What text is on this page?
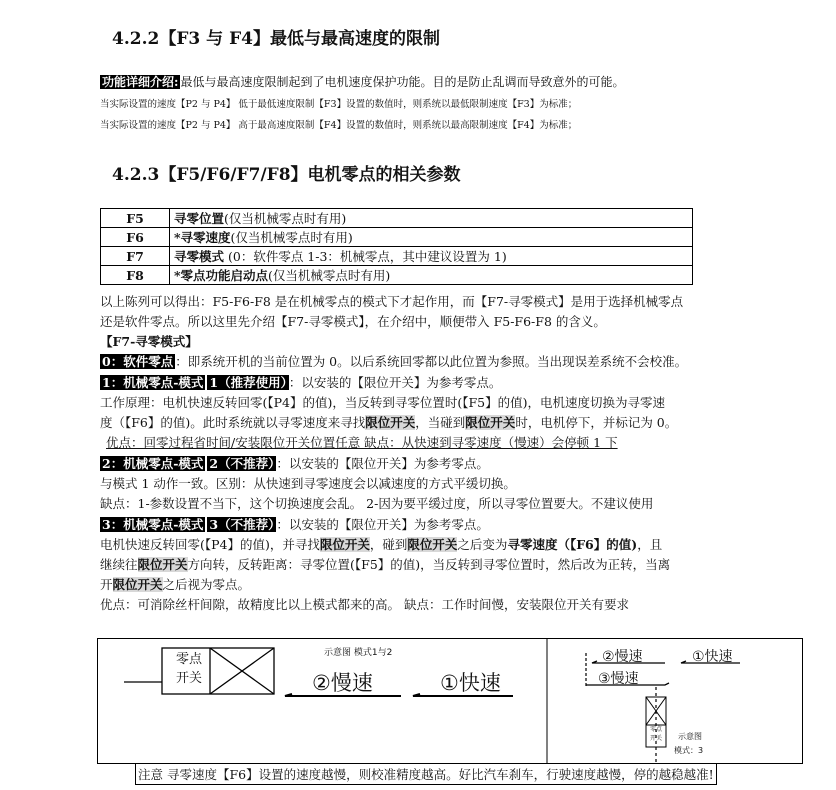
4.2.2【F3 与 F4】最低与最高速度的限制
功能详细介绍: 最低与最高速度限制起到了电机速度保护功能。目的是防止乱调而导致意外的可能。
当实际设置的速度【P2 与 P4】 低于最低速度限制【F3】设置的数值时，则系统以最低限制速度【F3】为标准；
当实际设置的速度【P2 与 P4】 高于最高速度限制【F4】设置的数值时，则系统以最高限制速度【F4】为标准；
4.2.3【F5/F6/F7/F8】电机零点的相关参数
F5	寻零位置(仅当机械零点时有用)
F6	*寻零速度(仅当机械零点时有用)
F7	寻零模式 (0：软件零点 1-3：机械零点，其中建议设置为 1)
F8	*零点功能启动点(仅当机械零点时有用)
以上陈列可以得出：F5-F6-F8 是在机械零点的模式下才起作用，而【F7-寻零模式】是用于选择机械零点
还是软件零点。所以这里先介绍【F7-寻零模式】，在介绍中，顺便带入 F5-F6-F8 的含义。
【F7-寻零模式】
0：软件零点 ：即系统开机的当前位置为 0。以后系统回零都以此位置为参照。当出现误差系统不会校准。
1：机械零点-模式 1（推荐使用） ：以安装的【限位开关】为参考零点。
工作原理：电机快速反转回零(【P4】的值)，当反转到寻零位置时(【F5】的值)，电机速度切换为寻零速
度（【F6】的值)。此时系统就以寻零速度来寻找限位开关，当碰到限位开关时，电机停下，并标记为 0。
优点：回零过程省时间/安装限位开关位置任意 缺点：从快速到寻零速度（慢速）会停顿 1 下
2：机械零点-模式 2（不推荐） ：以安装的【限位开关】为参考零点。
与模式 1 动作一致。区别：从快速到寻零速度会以减速度的方式平缓切换。
缺点：1-参数设置不当下，这个切换速度会乱。 2-因为要平缓过度，所以寻零位置要大。不建议使用
3：机械零点-模式 3（不推荐） ：以安装的【限位开关】为参考零点。
电机快速反转回零(【P4】的值)，并寻找限位开关，碰到限位开关之后变为寻零速度（【F6】的值)，且
继续往限位开关方向转，反转距离：寻零位置(【F5】的值)，当反转到寻零位置时，然后改为正转，当离
开限位开关之后视为零点。
优点：可消除丝杆间隙，故精度比以上模式都来的高。 缺点：工作时间慢，安装限位开关有要求
示意图 模式1与2
零点
开关	②慢速	①快速
②慢速	①快速
③慢速
零点
开关	示意图
模式：3
注意 寻零速度【F6】设置的速度越慢，则校准精度越高。好比汽车刹车，行驶速度越慢，停的越稳越准!
